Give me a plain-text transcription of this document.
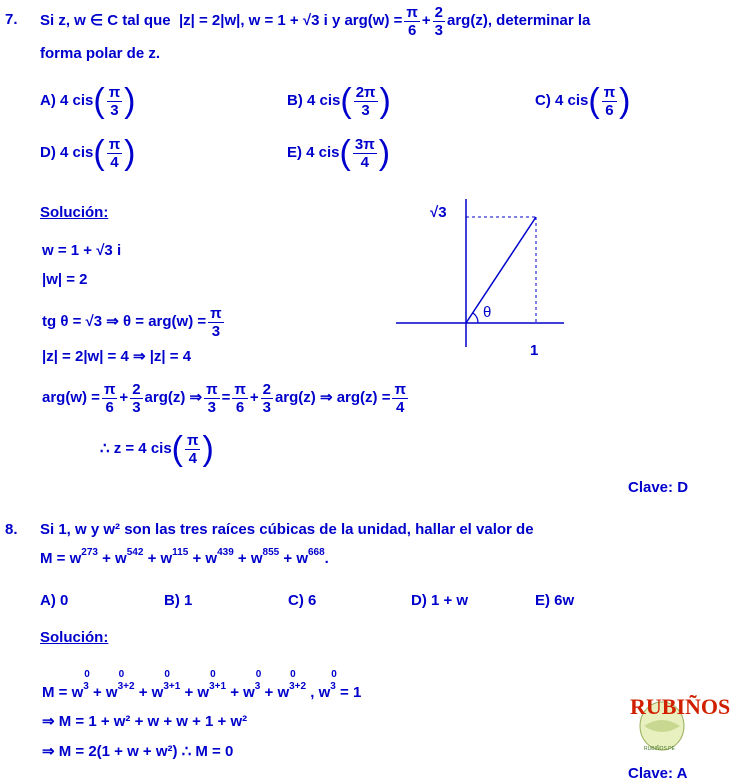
7. Si z, w ∈ C tal que
|z| = 2|w|, w = 1 + √3 i y $arg(w) = \frac{\pi}{6} + \frac{2}{3} arg(z)$, determinar la
forma polar de z.
A) 4 cis ( $\frac{\pi}{3}$ )	B) 4 cis ( $\frac{2\pi}{3}$ )	C) 4 cis ( $\frac{\pi}{6}$ )
D) 4 cis ( $\frac{\pi}{4}$ )	E) 4 cis ( $\frac{3\pi}{4}$ )
Solución:
w = 1 + √3 i
|w| = 2
tg θ = √3 ⇒ $\theta = arg(w) = \frac{\pi}{3}$
|z| = 2|w| = 4 ⇒ |z| = 4
$arg(w) = \frac{\pi}{6} + \frac{2}{3} arg(z)$ ⇒ $\frac{\pi}{3} = \frac{\pi}{6} + \frac{2}{3} arg(z)$ ⇒ $arg(z) = \frac{\pi}{4}$
∴ z = 4 cis ( $\frac{\pi}{4}$ )
√3
1
θ
Clave: D
8. Si 1, w y w² son las tres raíces cúbicas de la unidad, hallar el valor de
$M = w^{273} + w^{542} + w^{115} + w^{439} + w^{855} + w^{668}$.
A) 0	B) 1	C) 6	D) 1 + w	E) 6w
Solución:
M = w
0
$^3$ + w
0
$^{3+2}$ + w
0
$^{3+1}$ + w
0
$^{3+1}$ + w
0
$^3$ + w
0
$^{3+2}$ , w
0
$^3$ = 1
⇒ M = 1 + w² + w + w + 1 + w²
⇒ M = 2(1 + w + w²) ∴ M = 0
RUBIÑOS
RUBIÑOS.PE
Clave: A
